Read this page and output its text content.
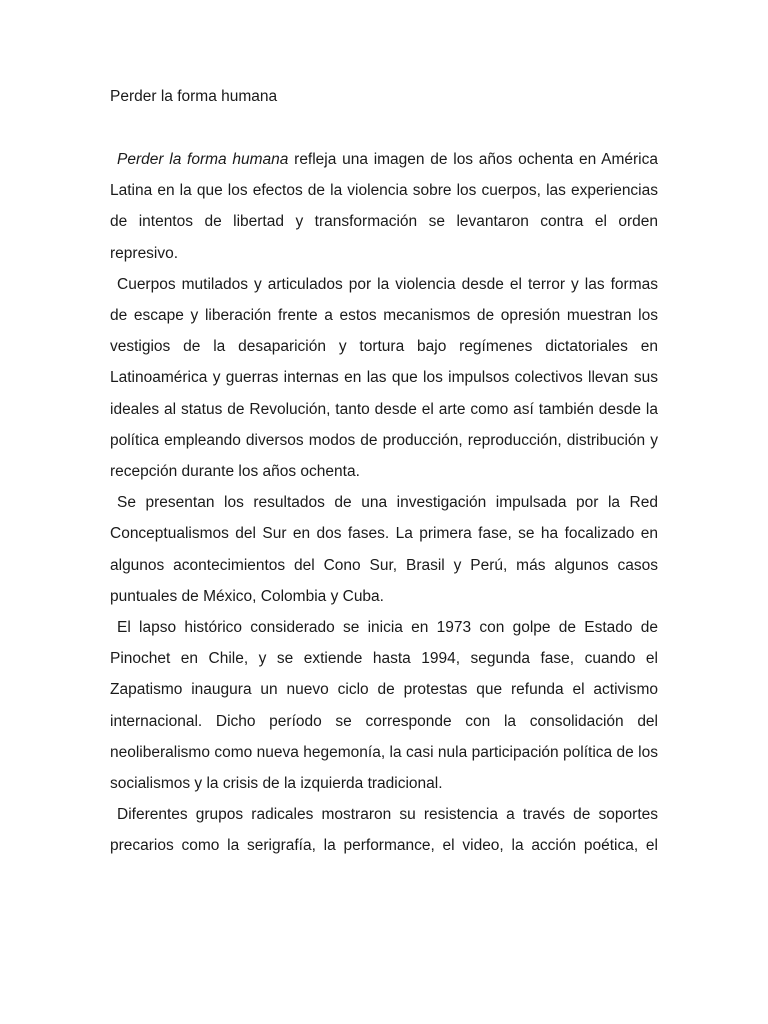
Perder la forma humana

Perder la forma humana refleja una imagen de los años ochenta en América Latina en la que los efectos de la violencia sobre los cuerpos, las experiencias de intentos de libertad y transformación se levantaron contra el orden represivo.

Cuerpos mutilados y articulados por la violencia desde el terror y las formas de escape y liberación frente a estos mecanismos de opresión muestran los vestigios de la desaparición y tortura bajo regímenes dictatoriales en Latinoamérica y guerras internas en las que los impulsos colectivos llevan sus ideales al status de Revolución, tanto desde el arte como así también desde la política empleando diversos modos de producción, reproducción, distribución y recepción durante los años ochenta.

Se presentan los resultados de una investigación impulsada por la Red Conceptualismos del Sur en dos fases. La primera fase, se ha focalizado en algunos acontecimientos del Cono Sur, Brasil y Perú, más algunos casos puntuales de México, Colombia y Cuba.

El lapso histórico considerado se inicia en 1973 con golpe de Estado de Pinochet en Chile, y se extiende hasta 1994, segunda fase, cuando el Zapatismo inaugura un nuevo ciclo de protestas que refunda el activismo internacional. Dicho período se corresponde con la consolidación del neoliberalismo como nueva hegemonía, la casi nula participación política de los socialismos y la crisis de la izquierda tradicional.

Diferentes grupos radicales mostraron su resistencia a través de soportes precarios como la serigrafía, la performance, el video, la acción poética, el
